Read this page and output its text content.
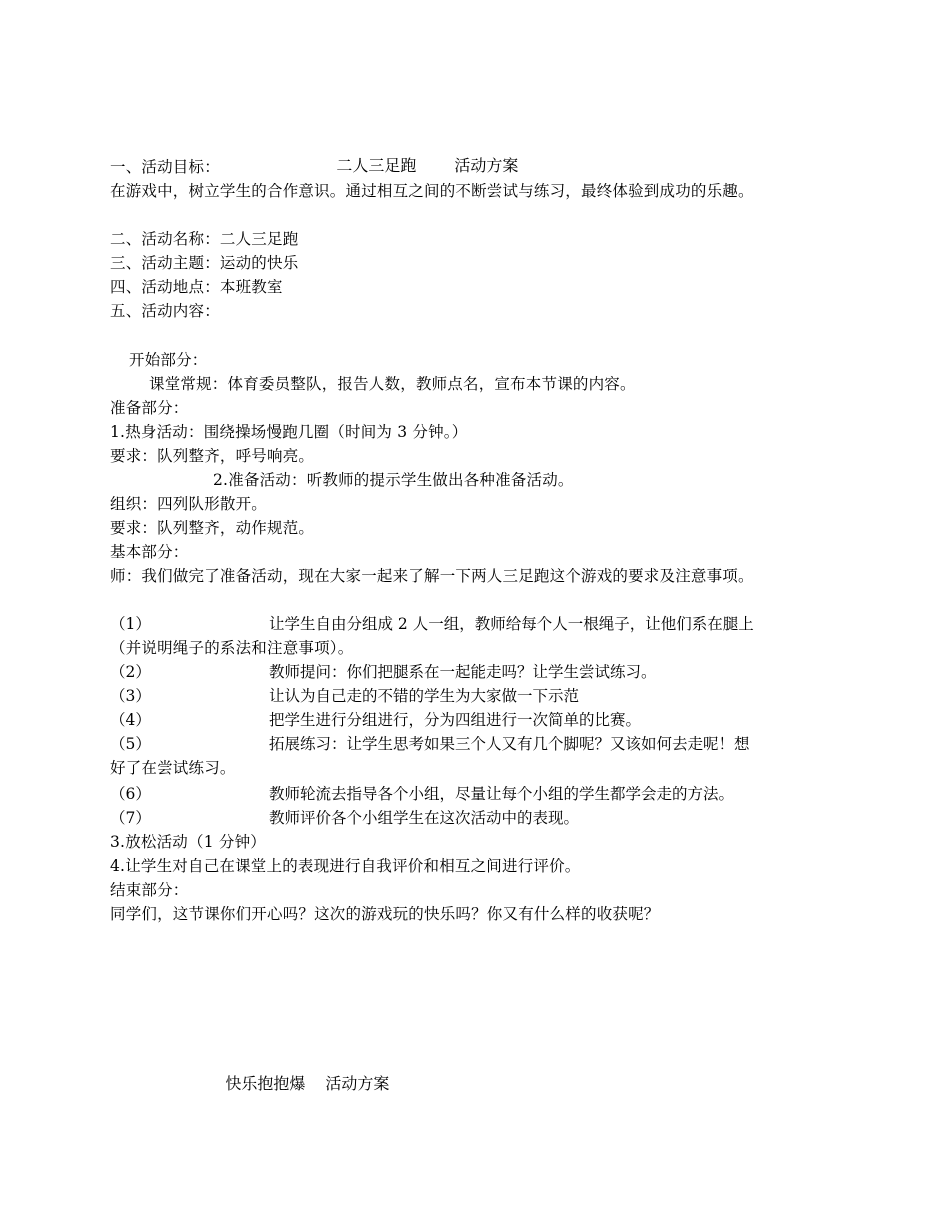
二人三足跑 活动方案

一、活动目标：
在游戏中，树立学生的合作意识。通过相互之间的不断尝试与练习，最终体验到成功的乐趣。
二、活动名称：二人三足跑
三、活动主题：运动的快乐
四、活动地点：本班教室
五、活动内容：
开始部分：
课堂常规：体育委员整队，报告人数，教师点名，宣布本节课的内容。
准备部分：
1.热身活动：围绕操场慢跑几圈（时间为 3 分钟。）
要求：队列整齐，呼号响亮。
2.准备活动：听教师的提示学生做出各种准备活动。
组织：四列队形散开。
要求：队列整齐，动作规范。
基本部分：
师：我们做完了准备活动，现在大家一起来了解一下两人三足跑这个游戏的要求及注意事项。
（1）	让学生自由分组成 2 人一组，教师给每个人一根绳子，让他们系在腿上
（并说明绳子的系法和注意事项）。
（2）	教师提问：你们把腿系在一起能走吗？让学生尝试练习。
（3）	让认为自己走的不错的学生为大家做一下示范
（4）	把学生进行分组进行，分为四组进行一次简单的比赛。
（5）	拓展练习：让学生思考如果三个人又有几个脚呢？又该如何去走呢！想
好了在尝试练习。
（6）	教师轮流去指导各个小组，尽量让每个小组的学生都学会走的方法。
（7）	教师评价各个小组学生在这次活动中的表现。
3.放松活动（1 分钟）
4.让学生对自己在课堂上的表现进行自我评价和相互之间进行评价。
结束部分：
同学们，这节课你们开心吗？这次的游戏玩的快乐吗？你又有什么样的收获呢？

快乐抱抱爆 活动方案
